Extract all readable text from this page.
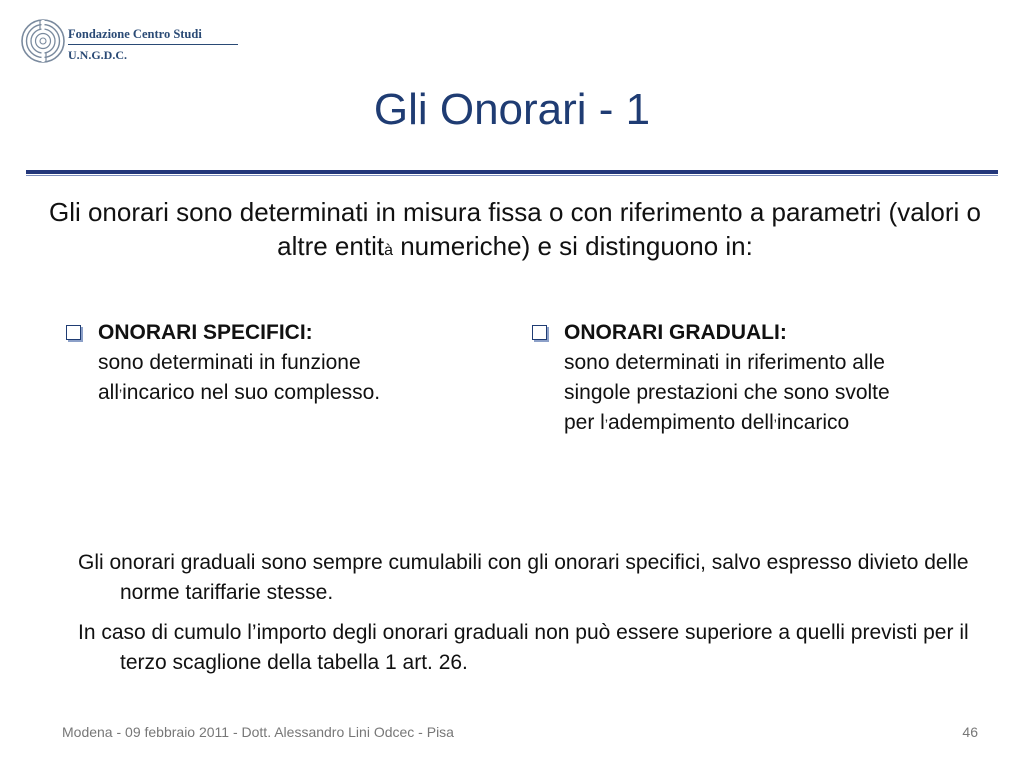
Fondazione Centro Studi
U.N.G.D.C.
Gli Onorari - 1
Gli onorari sono determinati in misura fissa o con riferimento a parametri (valori o altre entità numeriche) e si distinguono in:
ONORARI SPECIFICI:
sono determinati in funzione
all’incarico nel suo complesso.
ONORARI GRADUALI:
sono determinati in riferimento alle singole prestazioni che sono svolte per l’adempimento dell’incarico
Gli onorari graduali sono sempre cumulabili con gli onorari specifici, salvo espresso divieto delle norme tariffarie stesse.
In caso di cumulo l’importo degli onorari graduali non può essere superiore a quelli previsti per il terzo scaglione della tabella 1 art. 26.
Modena - 09 febbraio 2011 - Dott. Alessandro Lini Odcec - Pisa	46
